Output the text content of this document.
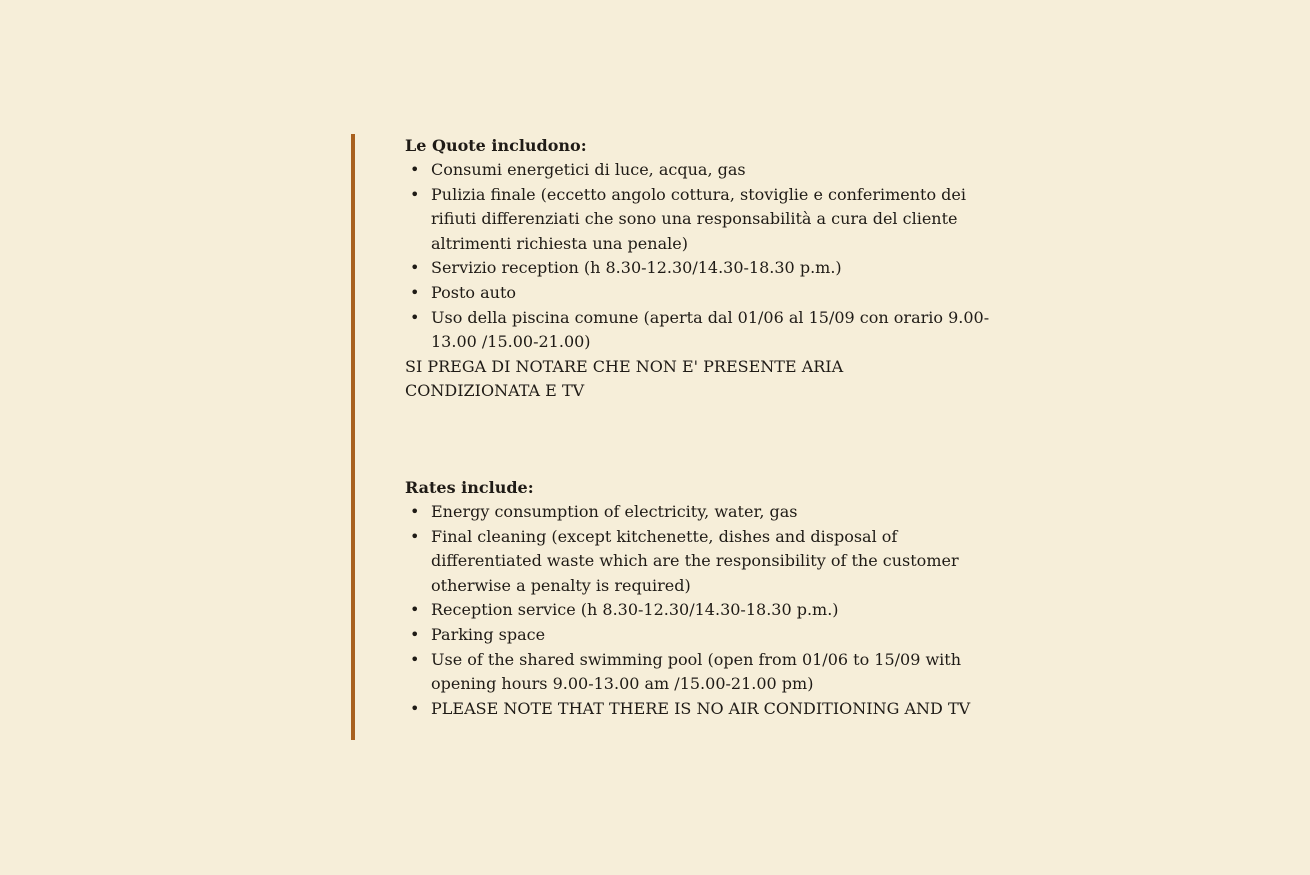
Le Quote includono:

• Consumi energetici di luce, acqua, gas
• Pulizia finale (eccetto angolo cottura, stoviglie e conferimento dei rifiuti differenziati che sono una responsabilità a cura del cliente altrimenti richiesta una penale)
• Servizio reception (h 8.30-12.30/14.30-18.30 p.m.)
• Posto auto
• Uso della piscina comune (aperta dal 01/06 al 15/09 con orario 9.00-13.00 /15.00-21.00)

SI PREGA DI NOTARE CHE NON E' PRESENTE ARIA CONDIZIONATA E TV

Rates include:

• Energy consumption of electricity, water, gas
• Final cleaning (except kitchenette, dishes and disposal of differentiated waste which are the responsibility of the customer otherwise a penalty is required)
• Reception service (h 8.30-12.30/14.30-18.30 p.m.)
• Parking space
• Use of the shared swimming pool (open from 01/06 to 15/09 with opening hours 9.00-13.00 am /15.00-21.00 pm)
• PLEASE NOTE THAT THERE IS NO AIR CONDITIONING AND TV
